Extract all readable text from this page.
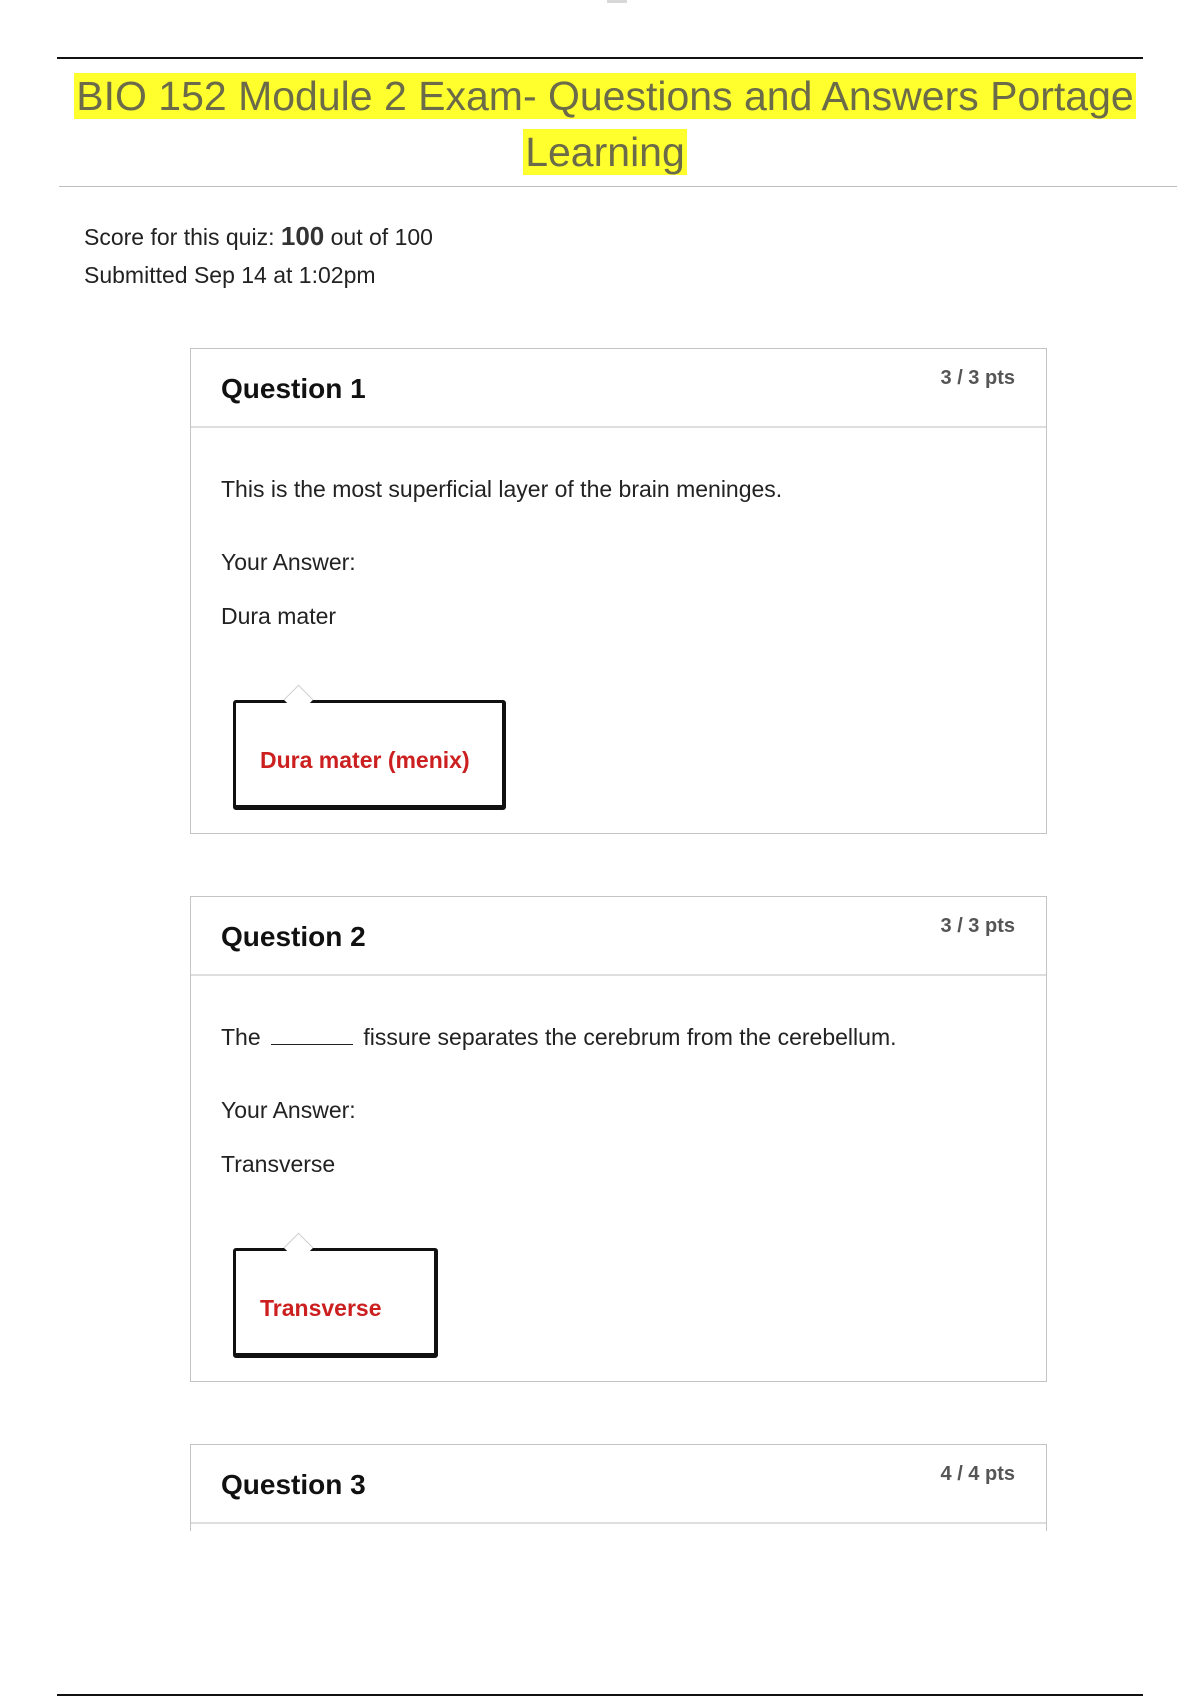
BIO 152 Module 2 Exam- Questions and Answers Portage Learning
Score for this quiz: 100 out of 100
Submitted Sep 14 at 1:02pm
Question 1	3 / 3 pts
This is the most superficial layer of the brain meninges.
Your Answer:
Dura mater
Dura mater (menix)
Question 2	3 / 3 pts
The	fissure separates the cerebrum from the cerebellum.
Your Answer:
Transverse
Transverse
Question 3	4 / 4 pts
